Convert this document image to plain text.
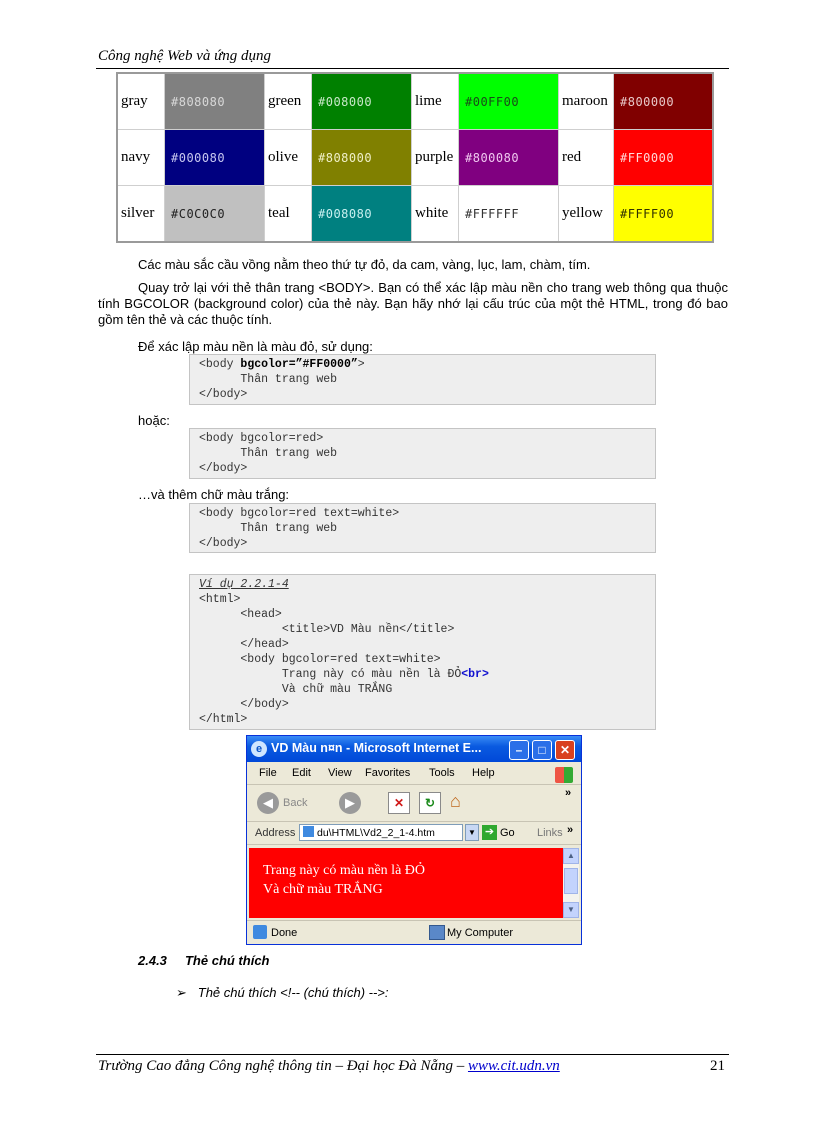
Công nghệ Web và ứng dụng
gray	#808080	green	#008000	lime	#00FF00	maroon	#800000
navy	#000080	olive	#808000	purple	#800080	red	#FF0000
silver	#C0C0C0	teal	#008080	white	#FFFFFF	yellow	#FFFF00
Các màu sắc cầu vồng nằm theo thứ tự đỏ, da cam, vàng, lục, lam, chàm, tím.
Quay trở lại với thẻ thân trang <BODY>. Bạn có thể xác lập màu nền cho trang web thông qua thuộc tính BGCOLOR (background color) của thẻ này. Bạn hãy nhớ lại cấu trúc của một thẻ HTML, trong đó bao gồm tên thẻ và các thuộc tính.
Để xác lập màu nền là màu đỏ, sử dụng:
<body bgcolor=”#FF0000”>
Thân trang web
</body>
hoặc:
<body bgcolor=red>
Thân trang web
</body>
…và thêm chữ màu trắng:
<body bgcolor=red text=white>
Thân trang web
</body>
Ví dụ 2.2.1-4
<html>
<head>
<title>VD Màu nền</title>
</head>
<body bgcolor=red text=white>
Trang này có màu nền là ĐỎ<br>
Và chữ màu TRẮNG
</body>
</html>
e VD Màu n¤n - Microsoft Internet E...	–	□	✕
File Edit View Favorites Tools Help
◀ Back	▶	✕	↻ ⌂	»
Address	du\HTML\Vd2_2_1-4.htm	▼ ➔ Go Links »
Trang này có màu nền là ĐỎ
Và chữ màu TRẮNG
▲
▼
Done	My Computer
2.4.3 Thẻ chú thích
➢ Thẻ chú thích <!-- (chú thích) -->:
Trường Cao đẳng Công nghệ thông tin – Đại học Đà Nẵng – www.cit.udn.vn	21
